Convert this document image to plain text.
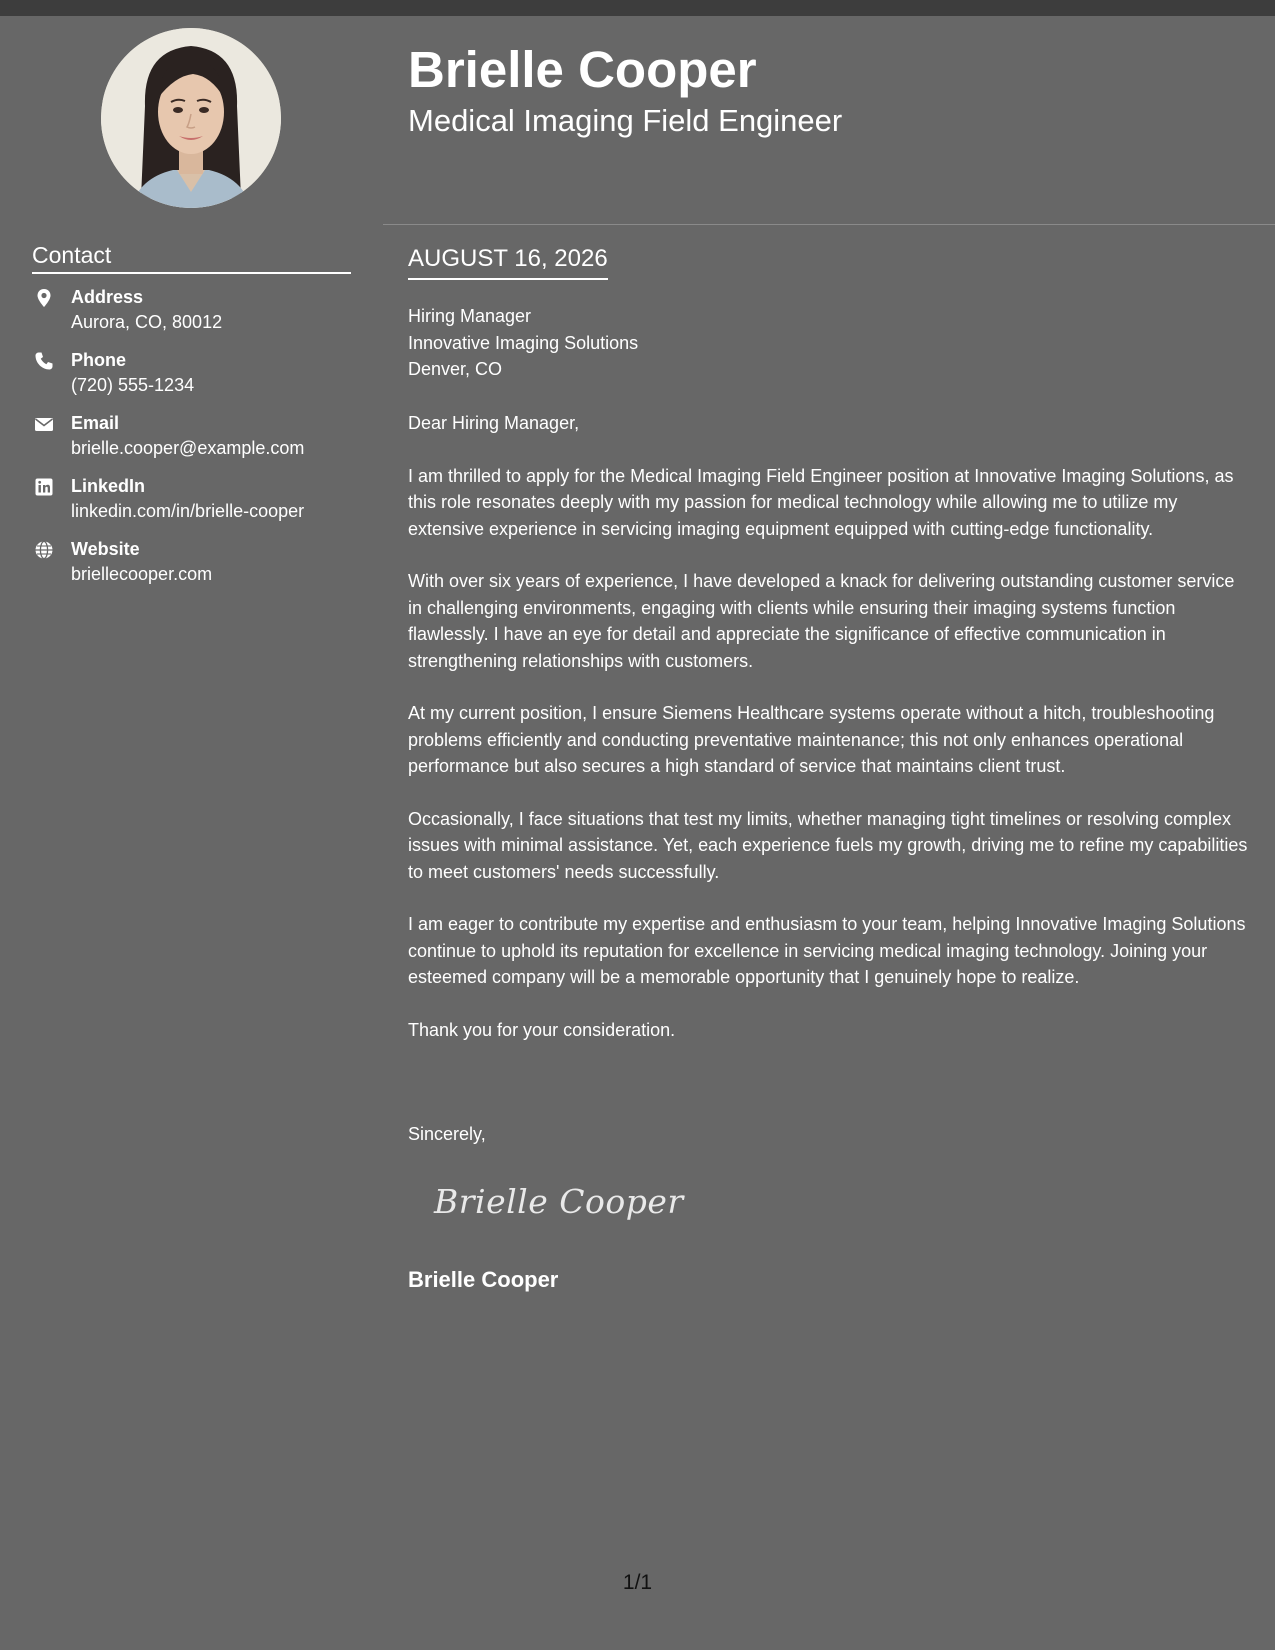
Contact
Address
Aurora, CO, 80012
Phone
(720) 555-1234
Email
brielle.cooper@example.com
LinkedIn
linkedin.com/in/brielle-cooper
Website
briellecooper.com
Brielle Cooper
Medical Imaging Field Engineer
AUGUST 16, 2026
Hiring Manager
Innovative Imaging Solutions
Denver, CO

Dear Hiring Manager,

I am thrilled to apply for the Medical Imaging Field Engineer position at Innovative Imaging Solutions, as this role resonates deeply with my passion for medical technology while allowing me to utilize my extensive experience in servicing imaging equipment equipped with cutting-edge functionality.

With over six years of experience, I have developed a knack for delivering outstanding customer service in challenging environments, engaging with clients while ensuring their imaging systems function flawlessly. I have an eye for detail and appreciate the significance of effective communication in strengthening relationships with customers.

At my current position, I ensure Siemens Healthcare systems operate without a hitch, troubleshooting problems efficiently and conducting preventative maintenance; this not only enhances operational performance but also secures a high standard of service that maintains client trust.

Occasionally, I face situations that test my limits, whether managing tight timelines or resolving complex issues with minimal assistance. Yet, each experience fuels my growth, driving me to refine my capabilities to meet customers' needs successfully.

I am eager to contribute my expertise and enthusiasm to your team, helping Innovative Imaging Solutions continue to uphold its reputation for excellence in servicing medical imaging technology. Joining your esteemed company will be a memorable opportunity that I genuinely hope to realize.

Thank you for your consideration.

Sincerely,
Brielle Cooper
Brielle Cooper
1/1
